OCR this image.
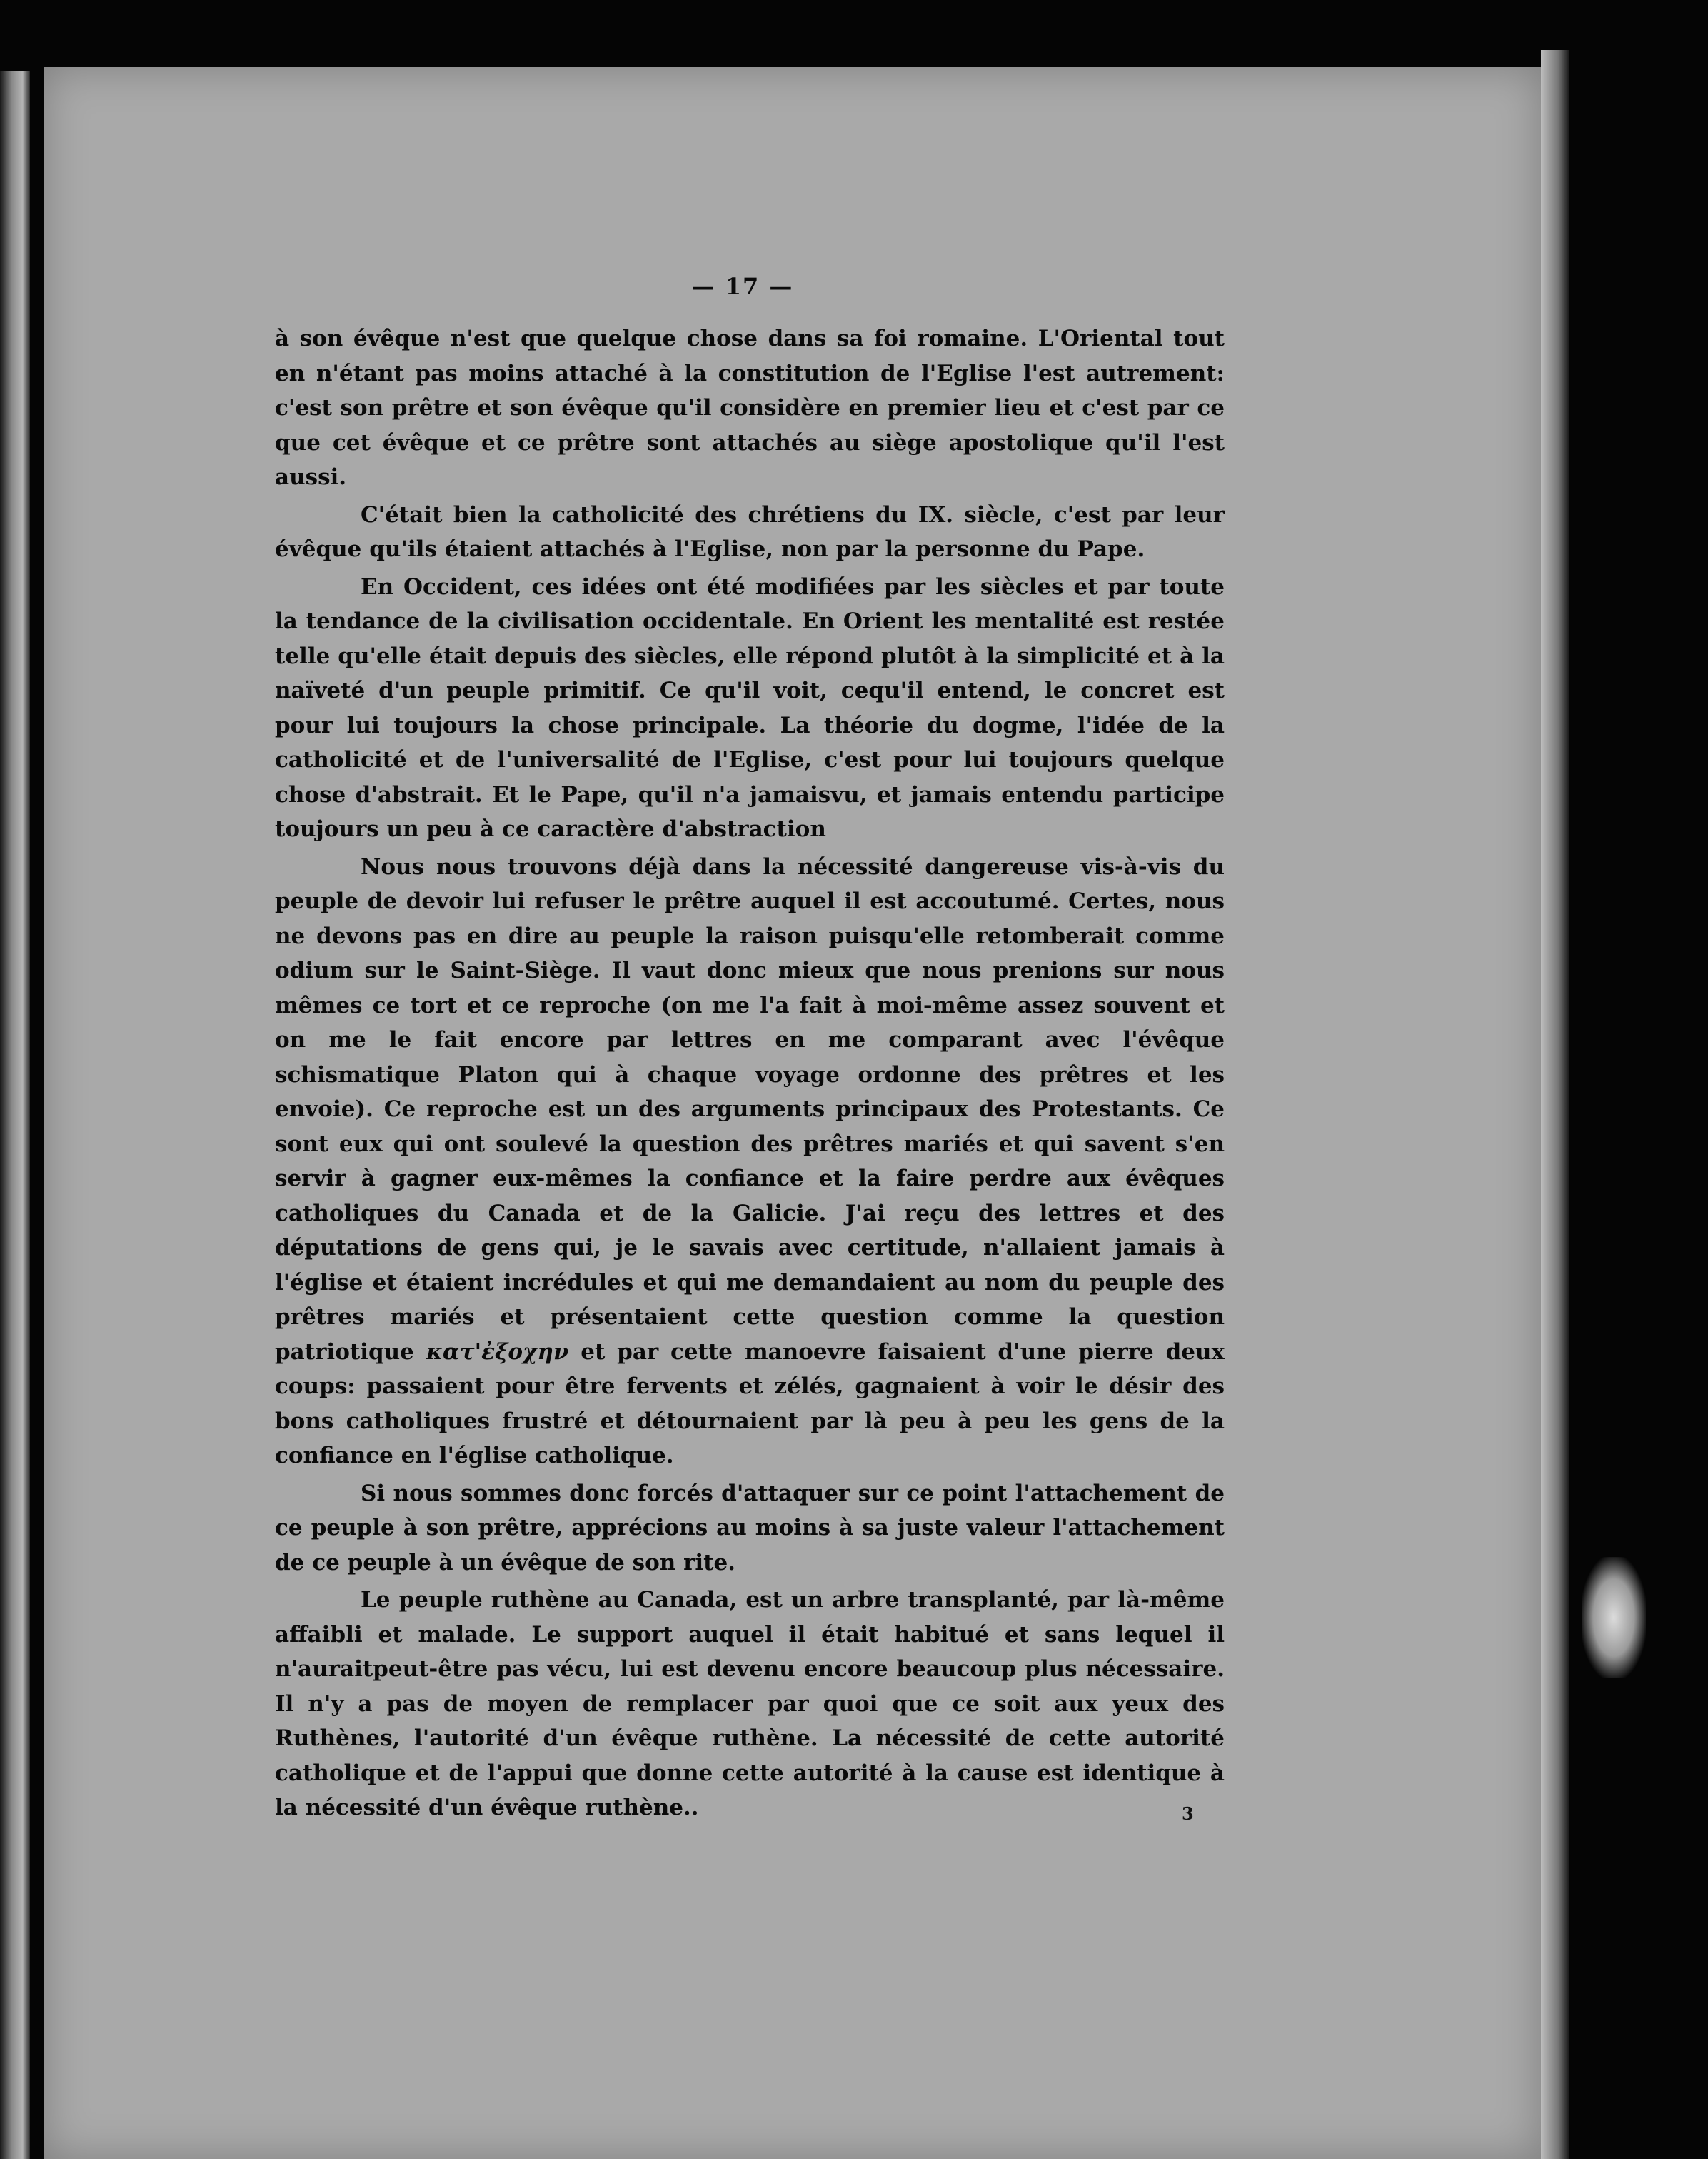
— 17 —

à son évêque n'est que quelque chose dans sa foi romaine. L'Oriental tout en n'étant pas moins attaché à la constitution de l'Eglise l'est autrement: c'est son prêtre et son évêque qu'il considère en premier lieu et c'est par ce que cet évêque et ce prêtre sont attachés au siège apostolique qu'il l'est aussi.

C'était bien la catholicité des chrétiens du IX. siècle, c'est par leur évêque qu'ils étaient attachés à l'Eglise, non par la personne du Pape.

En Occident, ces idées ont été modifiées par les siècles et par toute la tendance de la civilisation occidentale. En Orient les mentalité est restée telle qu'elle était depuis des siècles, elle répond plutôt à la simplicité et à la naïveté d'un peuple primitif. Ce qu'il voit, cequ'il entend, le concret est pour lui toujours la chose principale. La théorie du dogme, l'idée de la catholicité et de l'universalité de l'Eglise, c'est pour lui toujours quelque chose d'abstrait. Et le Pape, qu'il n'a jamaisvu, et jamais entendu participe toujours un peu à ce caractère d'abstraction

Nous nous trouvons déjà dans la nécessité dangereuse vis-à-vis du peuple de devoir lui refuser le prêtre auquel il est accoutumé. Certes, nous ne devons pas en dire au peuple la raison puisqu'elle retomberait comme odium sur le Saint-Siège. Il vaut donc mieux que nous prenions sur nous mêmes ce tort et ce reproche (on me l'a fait à moi-même assez souvent et on me le fait encore par lettres en me comparant avec l'évêque schismatique Platon qui à chaque voyage ordonne des prêtres et les envoie). Ce reproche est un des arguments principaux des Protestants. Ce sont eux qui ont soulevé la question des prêtres mariés et qui savent s'en servir à gagner eux-mêmes la confiance et la faire perdre aux évêques catholiques du Canada et de la Galicie. J'ai reçu des lettres et des députations de gens qui, je le savais avec certitude, n'allaient jamais à l'église et étaient incrédules et qui me demandaient au nom du peuple des prêtres mariés et présentaient cette question comme la question patriotique κατ'ἐξοχην et par cette manoevre faisaient d'une pierre deux coups: passaient pour être fervents et zélés, gagnaient à voir le désir des bons catholiques frustré et détournaient par là peu à peu les gens de la confiance en l'église catholique.

Si nous sommes donc forcés d'attaquer sur ce point l'attachement de ce peuple à son prêtre, apprécions au moins à sa juste valeur l'attachement de ce peuple à un évêque de son rite.

Le peuple ruthène au Canada, est un arbre transplanté, par là-même affaibli et malade. Le support auquel il était habitué et sans lequel il n'auraitpeut-être pas vécu, lui est devenu encore beaucoup plus nécessaire. Il n'y a pas de moyen de remplacer par quoi que ce soit aux yeux des Ruthènes, l'autorité d'un évêque ruthène. La nécessité de cette autorité catholique et de l'appui que donne cette autorité à la cause est identique à la nécessité d'un évêque ruthène..	3
